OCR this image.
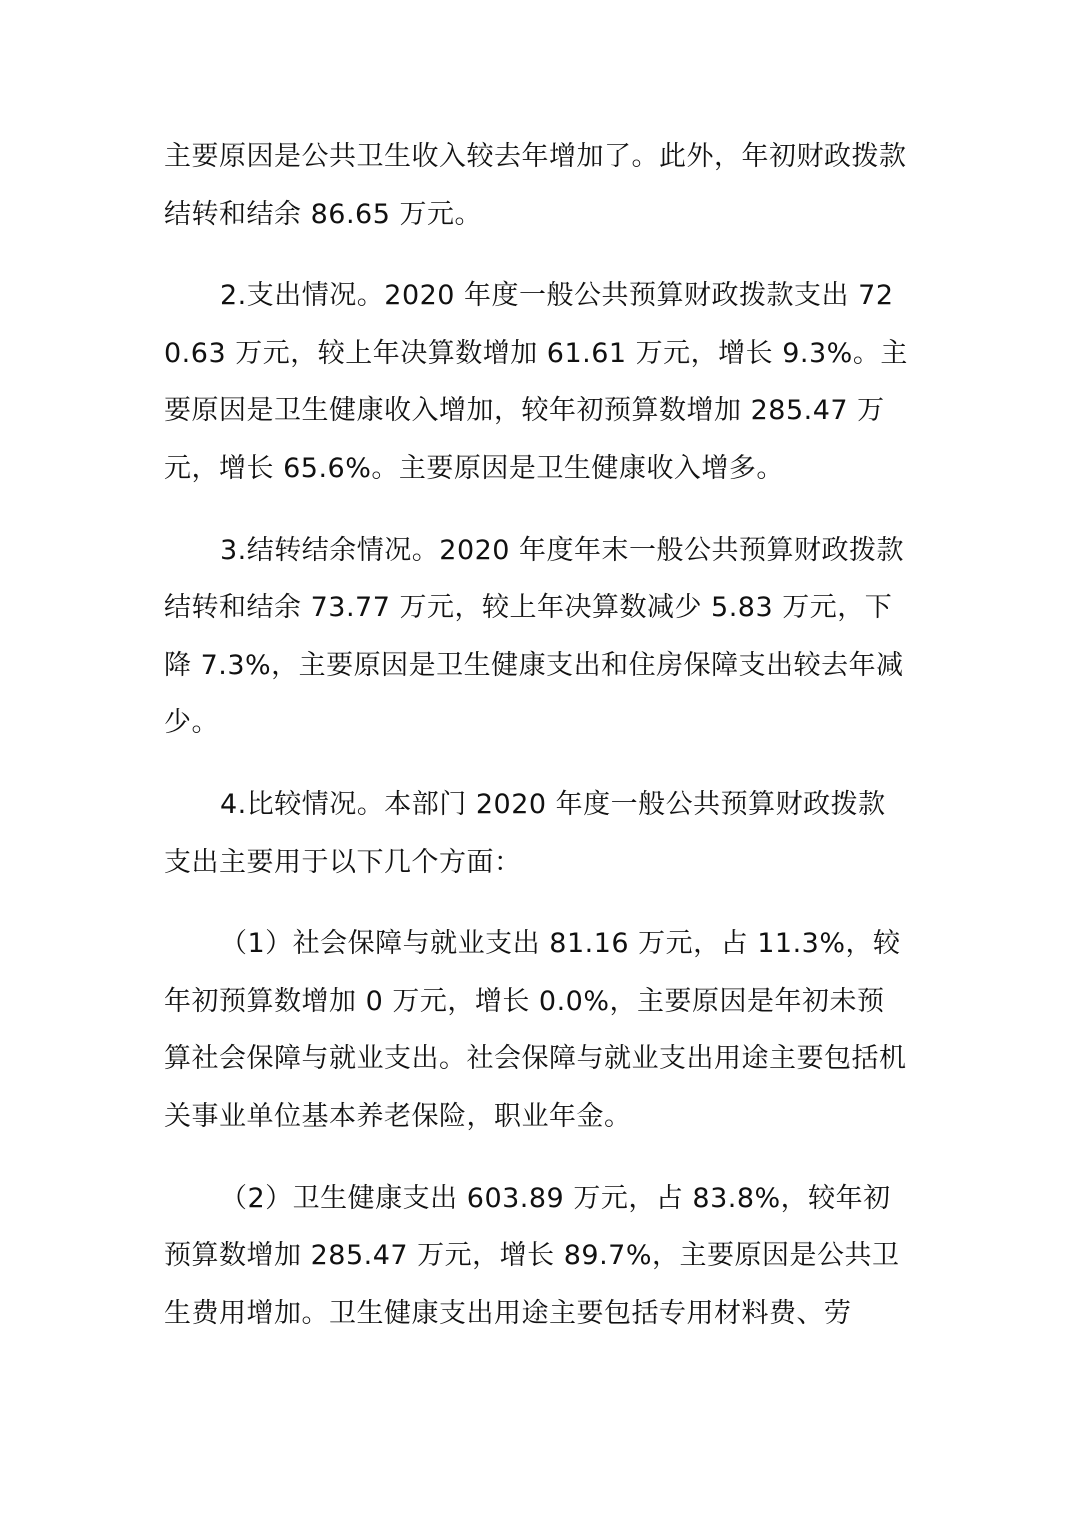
主要原因是公共卫生收入较去年增加了。此外，年初财政拨款结转和结余 86.65 万元。

2.支出情况。2020 年度一般公共预算财政拨款支出 720.63 万元，较上年决算数增加 61.61 万元，增长 9.3%。主要原因是卫生健康收入增加，较年初预算数增加 285.47 万元，增长 65.6%。主要原因是卫生健康收入增多。

3.结转结余情况。2020 年度年末一般公共预算财政拨款结转和结余 73.77 万元，较上年决算数减少 5.83 万元，下降 7.3%，主要原因是卫生健康支出和住房保障支出较去年减少。

4.比较情况。本部门 2020 年度一般公共预算财政拨款支出主要用于以下几个方面：

（1）社会保障与就业支出 81.16 万元，占 11.3%，较年初预算数增加 0 万元，增长 0.0%，主要原因是年初未预算社会保障与就业支出。社会保障与就业支出用途主要包括机关事业单位基本养老保险，职业年金。

（2）卫生健康支出 603.89 万元，占 83.8%，较年初预算数增加 285.47 万元，增长 89.7%，主要原因是公共卫生费用增加。卫生健康支出用途主要包括专用材料费、劳
